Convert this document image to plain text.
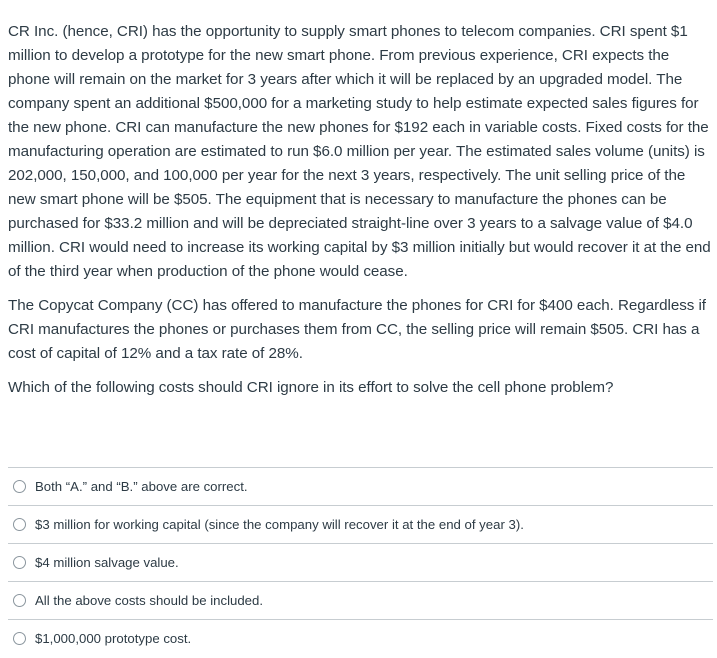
CR Inc. (hence, CRI) has the opportunity to supply smart phones to telecom companies. CRI spent $1 million to develop a prototype for the new smart phone. From previous experience, CRI expects the phone will remain on the market for 3 years after which it will be replaced by an upgraded model. The company spent an additional $500,000 for a marketing study to help estimate expected sales figures for the new phone. CRI can manufacture the new phones for $192 each in variable costs. Fixed costs for the manufacturing operation are estimated to run $6.0 million per year. The estimated sales volume (units) is 202,000, 150,000, and 100,000 per year for the next 3 years, respectively. The unit selling price of the new smart phone will be $505. The equipment that is necessary to manufacture the phones can be purchased for $33.2 million and will be depreciated straight-line over 3 years to a salvage value of $4.0 million. CRI would need to increase its working capital by $3 million initially but would recover it at the end of the third year when production of the phone would cease.

The Copycat Company (CC) has offered to manufacture the phones for CRI for $400 each. Regardless if CRI manufactures the phones or purchases them from CC, the selling price will remain $505. CRI has a cost of capital of 12% and a tax rate of 28%.

Which of the following costs should CRI ignore in its effort to solve the cell phone problem?

Both “A.” and “B.” above are correct.
$3 million for working capital (since the company will recover it at the end of year 3).
$4 million salvage value.
All the above costs should be included.
$1,000,000 prototype cost.
